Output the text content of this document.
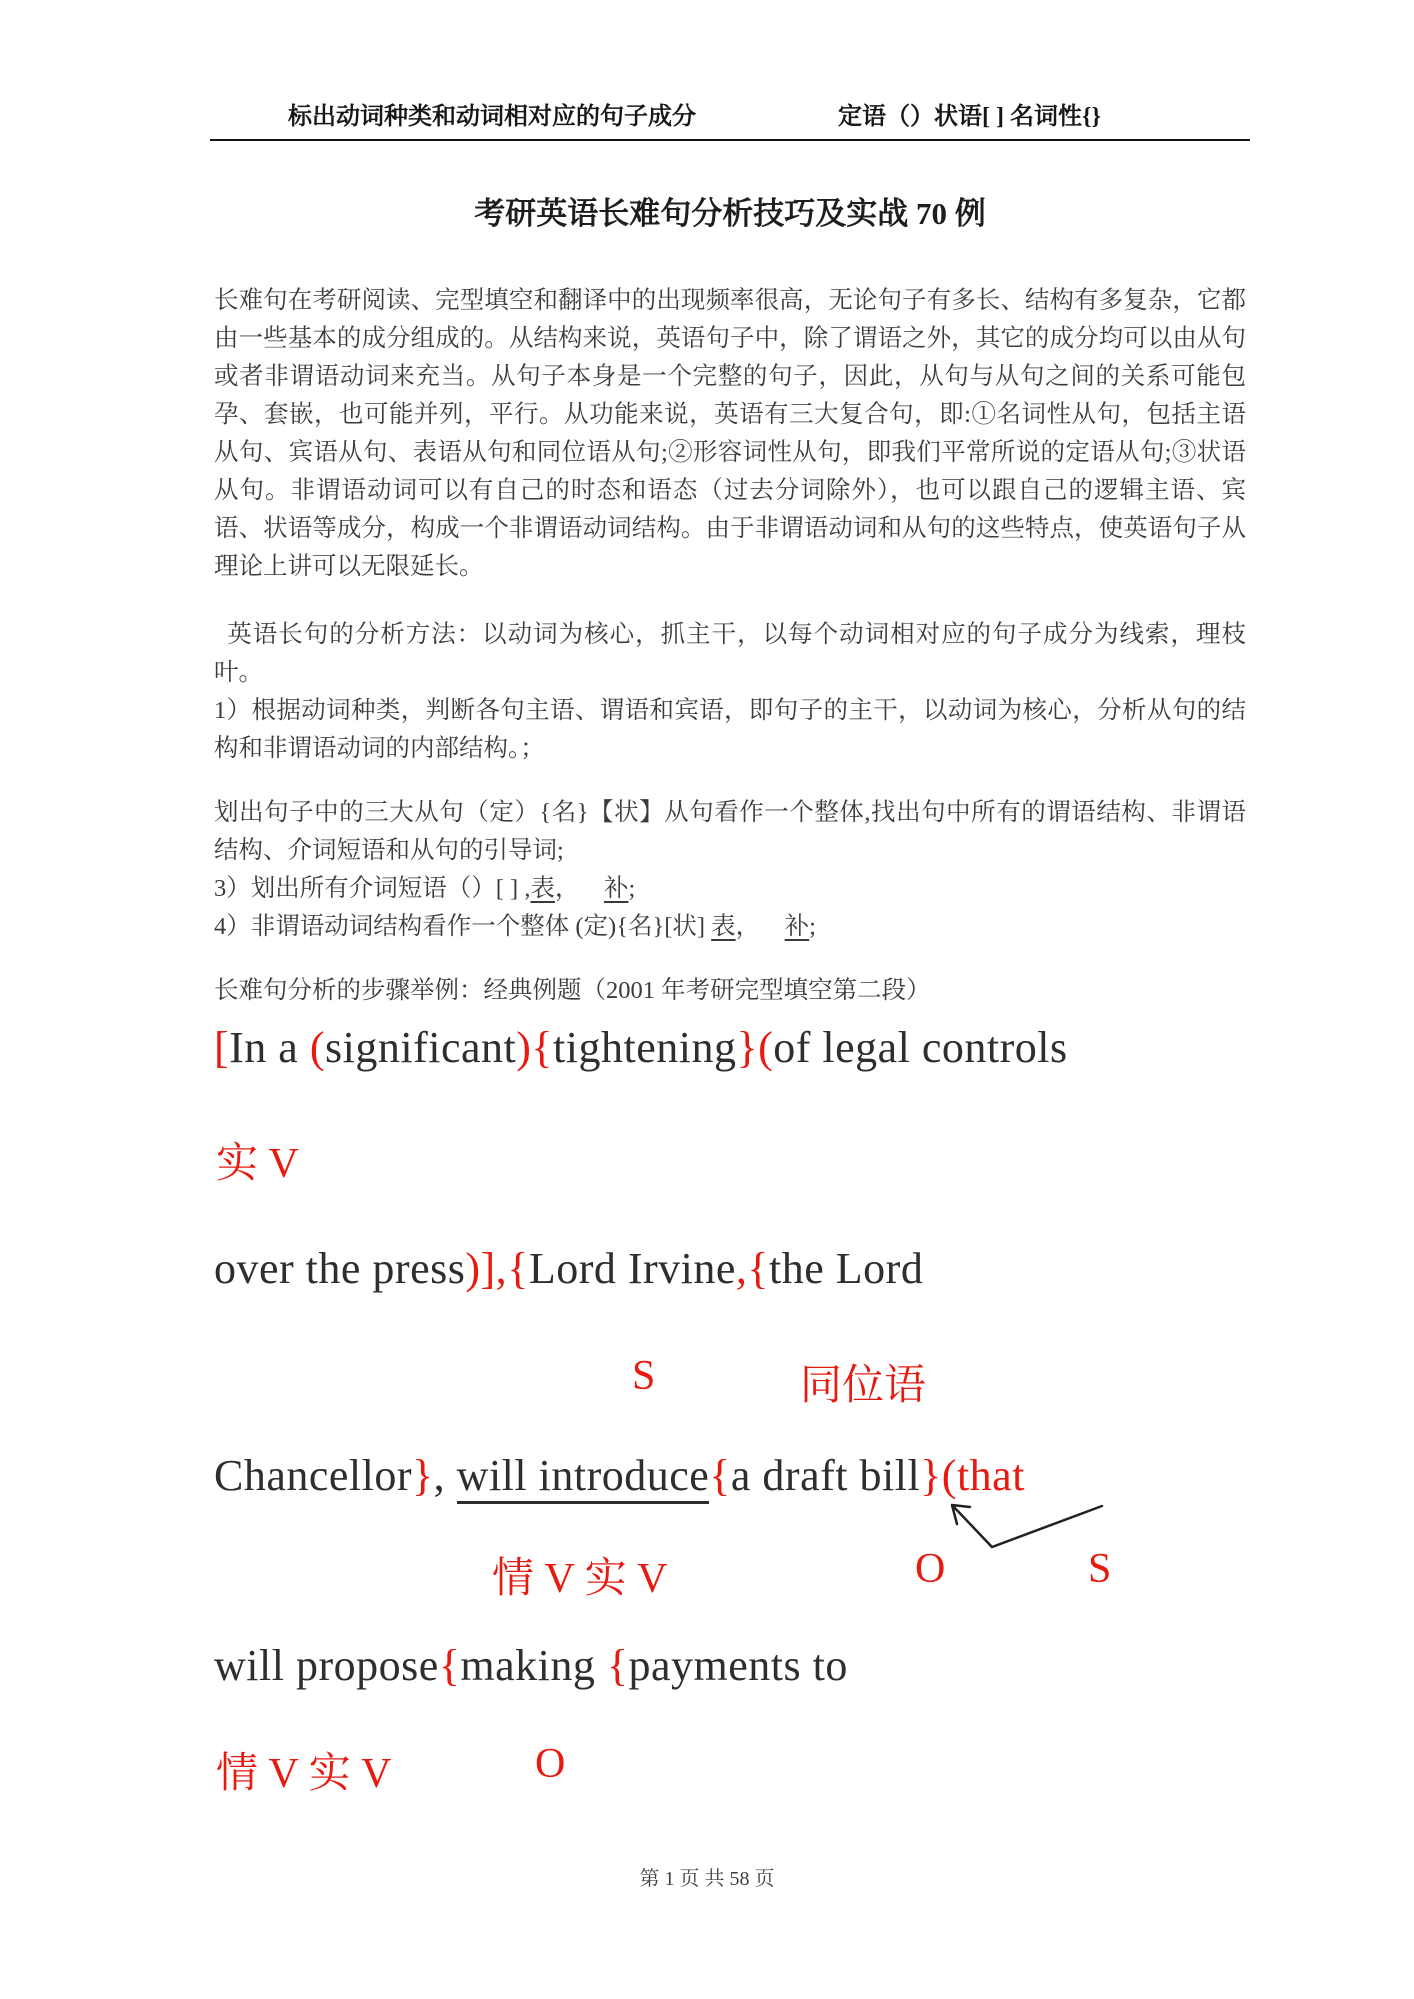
标出动词种类和动词相对应的句子成分	定语（）状语[ ] 名词性{}
考研英语长难句分析技巧及实战 70 例
长难句在考研阅读、完型填空和翻译中的出现频率很高，无论句子有多长、结构有多复杂，它都由一些基本的成分组成的。从结构来说，英语句子中，除了谓语之外，其它的成分均可以由从句或者非谓语动词来充当。从句子本身是一个完整的句子，因此，从句与从句之间的关系可能包孕、套嵌，也可能并列，平行。从功能来说，英语有三大复合句，即:①名词性从句，包括主语从句、宾语从句、表语从句和同位语从句;②形容词性从句，即我们平常所说的定语从句;③状语从句。非谓语动词可以有自己的时态和语态（过去分词除外），也可以跟自己的逻辑主语、宾语、状语等成分，构成一个非谓语动词结构。由于非谓语动词和从句的这些特点，使英语句子从理论上讲可以无限延长。
 英语长句的分析方法：以动词为核心，抓主干，以每个动词相对应的句子成分为线索，理枝叶。
1）根据动词种类，判断各句主语、谓语和宾语，即句子的主干，以动词为核心，分析从句的结构和非谓语动词的内部结构。；
划出句子中的三大从句（定）{名}【状】从句看作一个整体,找出句中所有的谓语结构、非谓语结构、介词短语和从句的引导词;
3）划出所有介词短语（）[ ] ,表， 补;
4）非谓语动词结构看作一个整体 (定){名}[状] 表， 补;
长难句分析的步骤举例：经典例题（2001 年考研完型填空第二段）
[In a (significant){tightening}(of legal controls
实 V
over the press)],{Lord Irvine,{the Lord
S	同位语
Chancellor}, will introduce{a draft bill}(that
情 V 实 V	O	S
will propose{making {payments to
情 V 实 V	O
第 1 页 共 58 页
